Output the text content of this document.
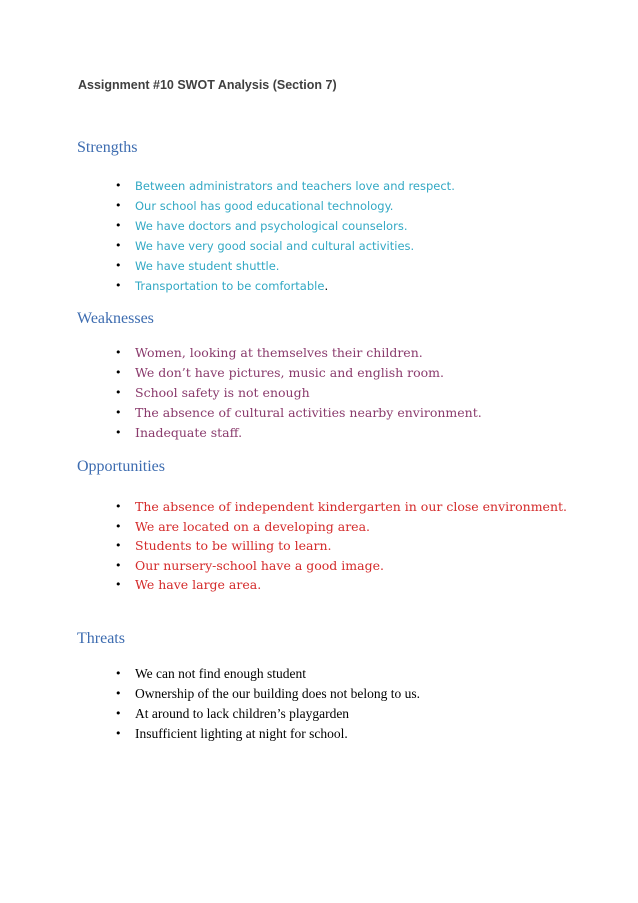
Assignment #10 SWOT Analysis (Section 7)
Strengths
• Between administrators and teachers love and respect.
• Our school has good educational technology.
• We have doctors and psychological counselors.
• We have very good social and cultural activities.
• We have student shuttle.
• Transportation to be comfortable.
Weaknesses
• Women, looking at themselves their children.
• We don’t have pictures, music and english room.
• School safety is not enough
• The absence of cultural activities nearby environment.
• Inadequate staff.
Opportunities
• The absence of independent kindergarten in our close environment.
• We are located on a developing area.
• Students to be willing to learn.
• Our nursery-school have a good image.
• We have large area.
Threats
• We can not find enough student
• Ownership of the our building does not belong to us.
• At around to lack children’s playgarden
• Insufficient lighting at night for school.
